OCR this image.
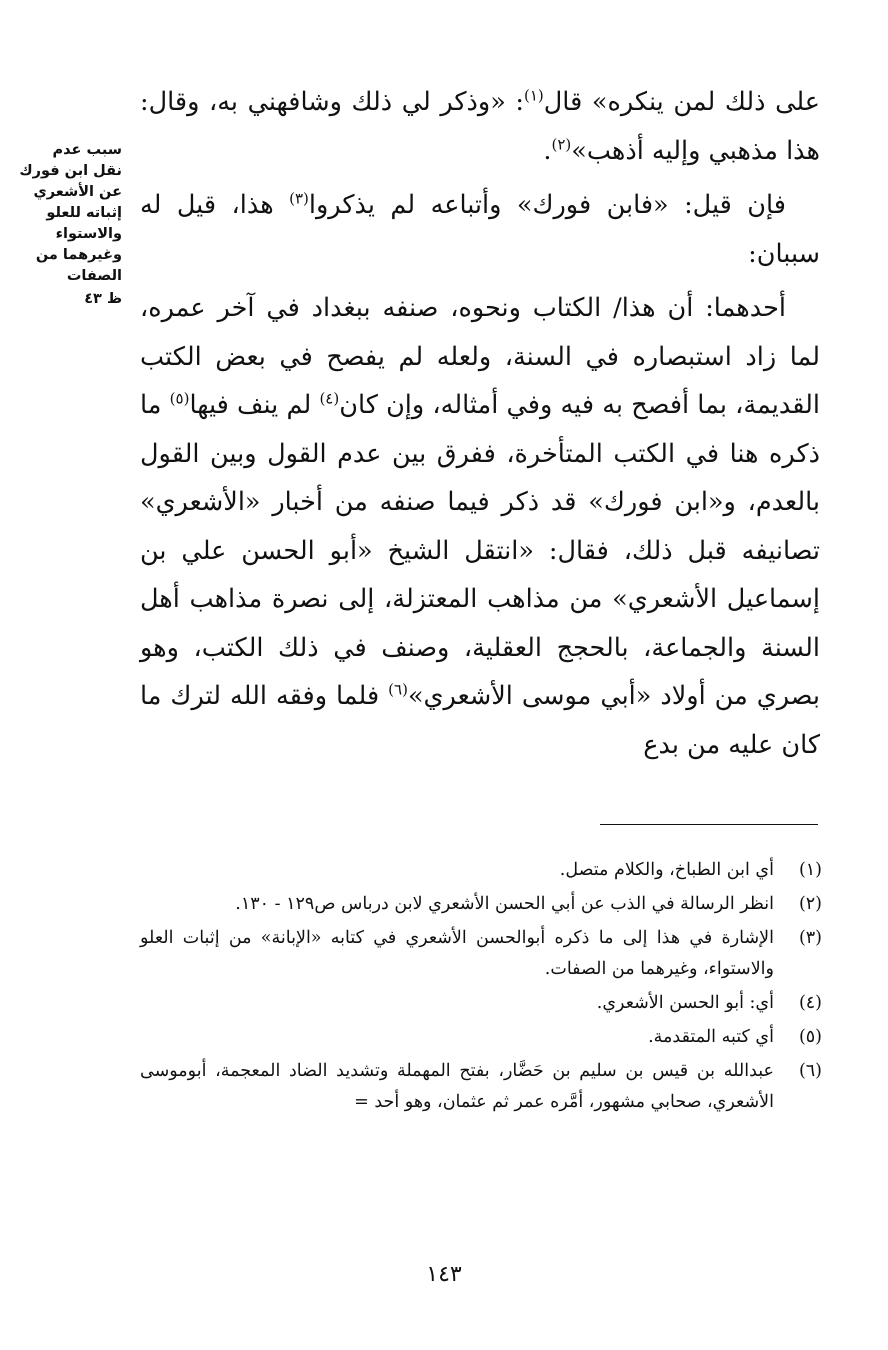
على ذلك لمن ينكره» قال$^{(١)}$: «وذكر لي ذلك وشافهني به، وقال: هذا مذهبي وإليه أذهب»$^{(٢)}$.

فإن قيل: «فابن فورك» وأتباعه لم يذكروا$^{(٣)}$ هذا، قيل له سببان:

أحدهما: أن هذا/ الكتاب ونحوه، صنفه ببغداد في آخر عمره، لما زاد استبصاره في السنة، ولعله لم يفصح في بعض الكتب القديمة، بما أفصح به فيه وفي أمثاله، وإن كان$^{(٤)}$ لم ينف فيها$^{(٥)}$ ما ذكره هنا في الكتب المتأخرة، ففرق بين عدم القول وبين القول بالعدم، و«ابن فورك» قد ذكر فيما صنفه من أخبار «الأشعري» تصانيفه قبل ذلك، فقال: «انتقل الشيخ «أبو الحسن علي بن إسماعيل الأشعري» من مذاهب المعتزلة، إلى نصرة مذاهب أهل السنة والجماعة، بالحجج العقلية، وصنف في ذلك الكتب، وهو بصري من أولاد «أبي موسى الأشعري»$^{(٦)}$ فلما وفقه الله لترك ما كان عليه من بدع

سبب عدم
نقل ابن فورك
عن الأشعري
إثباته للعلو
والاستواء
وغيرهما من
الصفات
ظ ٤٣
(١)
أي ابن الطباخ، والكلام متصل.
(٢)
انظر الرسالة في الذب عن أبي الحسن الأشعري لابن درباس ص١٢٩ - ١٣٠.
(٣)
الإشارة في هذا إلى ما ذكره أبوالحسن الأشعري في كتابه «الإبانة» من إثبات العلو والاستواء، وغيرهما من الصفات.
(٤)
أي: أبو الحسن الأشعري.
(٥)
أي كتبه المتقدمة.
(٦)
عبدالله بن قيس بن سليم بن حَضَّار، بفتح المهملة وتشديد الضاد المعجمة، أبوموسى الأشعري، صحابي مشهور، أمَّره عمر ثم عثمان، وهو أحد =
١٤٣
